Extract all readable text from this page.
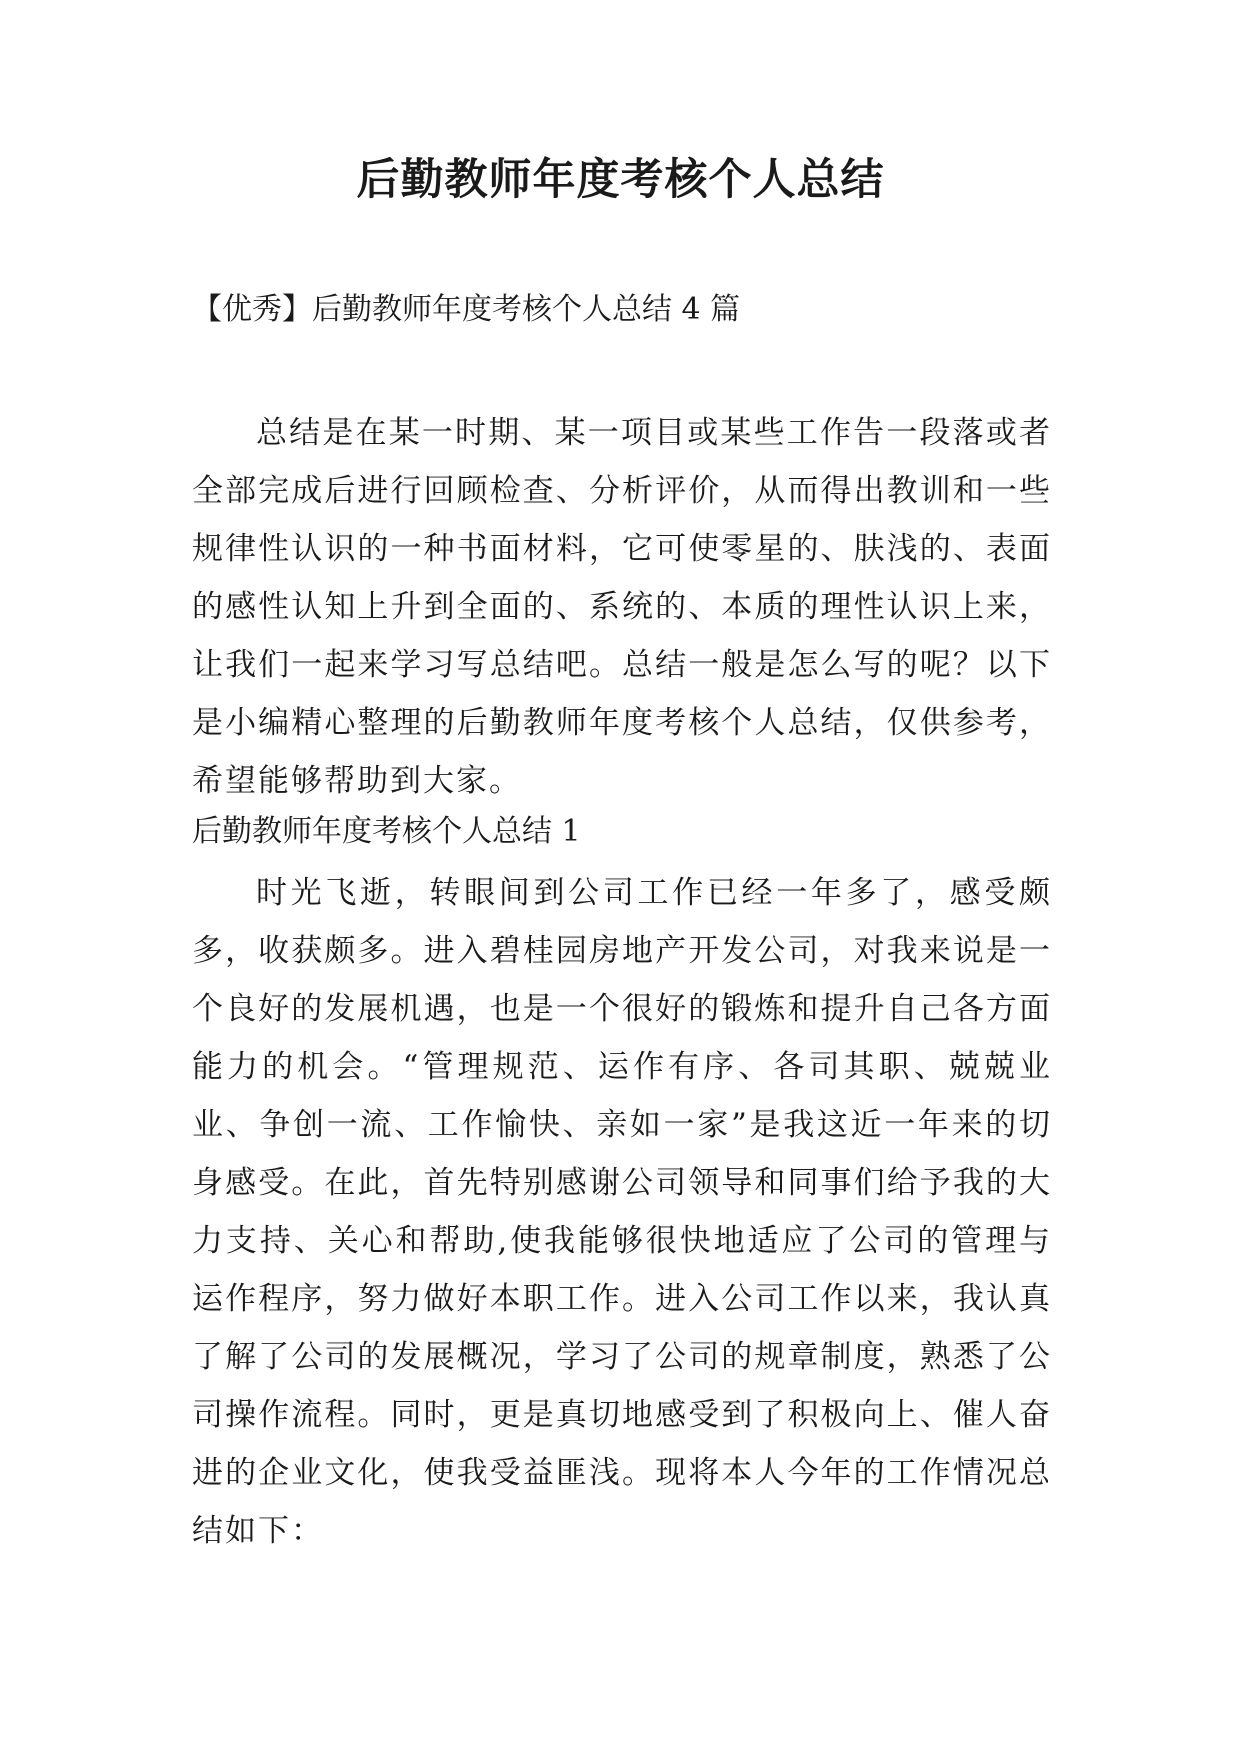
后勤教师年度考核个人总结

【优秀】后勤教师年度考核个人总结 4 篇

总结是在某一时期、某一项目或某些工作告一段落或者全部完成后进行回顾检查、分析评价，从而得出教训和一些规律性认识的一种书面材料，它可使零星的、肤浅的、表面的感性认知上升到全面的、系统的、本质的理性认识上来，让我们一起来学习写总结吧。总结一般是怎么写的呢？以下是小编精心整理的后勤教师年度考核个人总结，仅供参考，希望能够帮助到大家。

后勤教师年度考核个人总结 1

时光飞逝，转眼间到公司工作已经一年多了，感受颇多，收获颇多。进入碧桂园房地产开发公司，对我来说是一个良好的发展机遇，也是一个很好的锻炼和提升自己各方面能力的机会。“管理规范、运作有序、各司其职、兢兢业业、争创一流、工作愉快、亲如一家”是我这近一年来的切身感受。在此，首先特别感谢公司领导和同事们给予我的大力支持、关心和帮助,使我能够很快地适应了公司的管理与运作程序，努力做好本职工作。进入公司工作以来，我认真了解了公司的发展概况，学习了公司的规章制度，熟悉了公司操作流程。同时，更是真切地感受到了积极向上、催人奋进的企业文化，使我受益匪浅。现将本人今年的工作情况总结如下：
